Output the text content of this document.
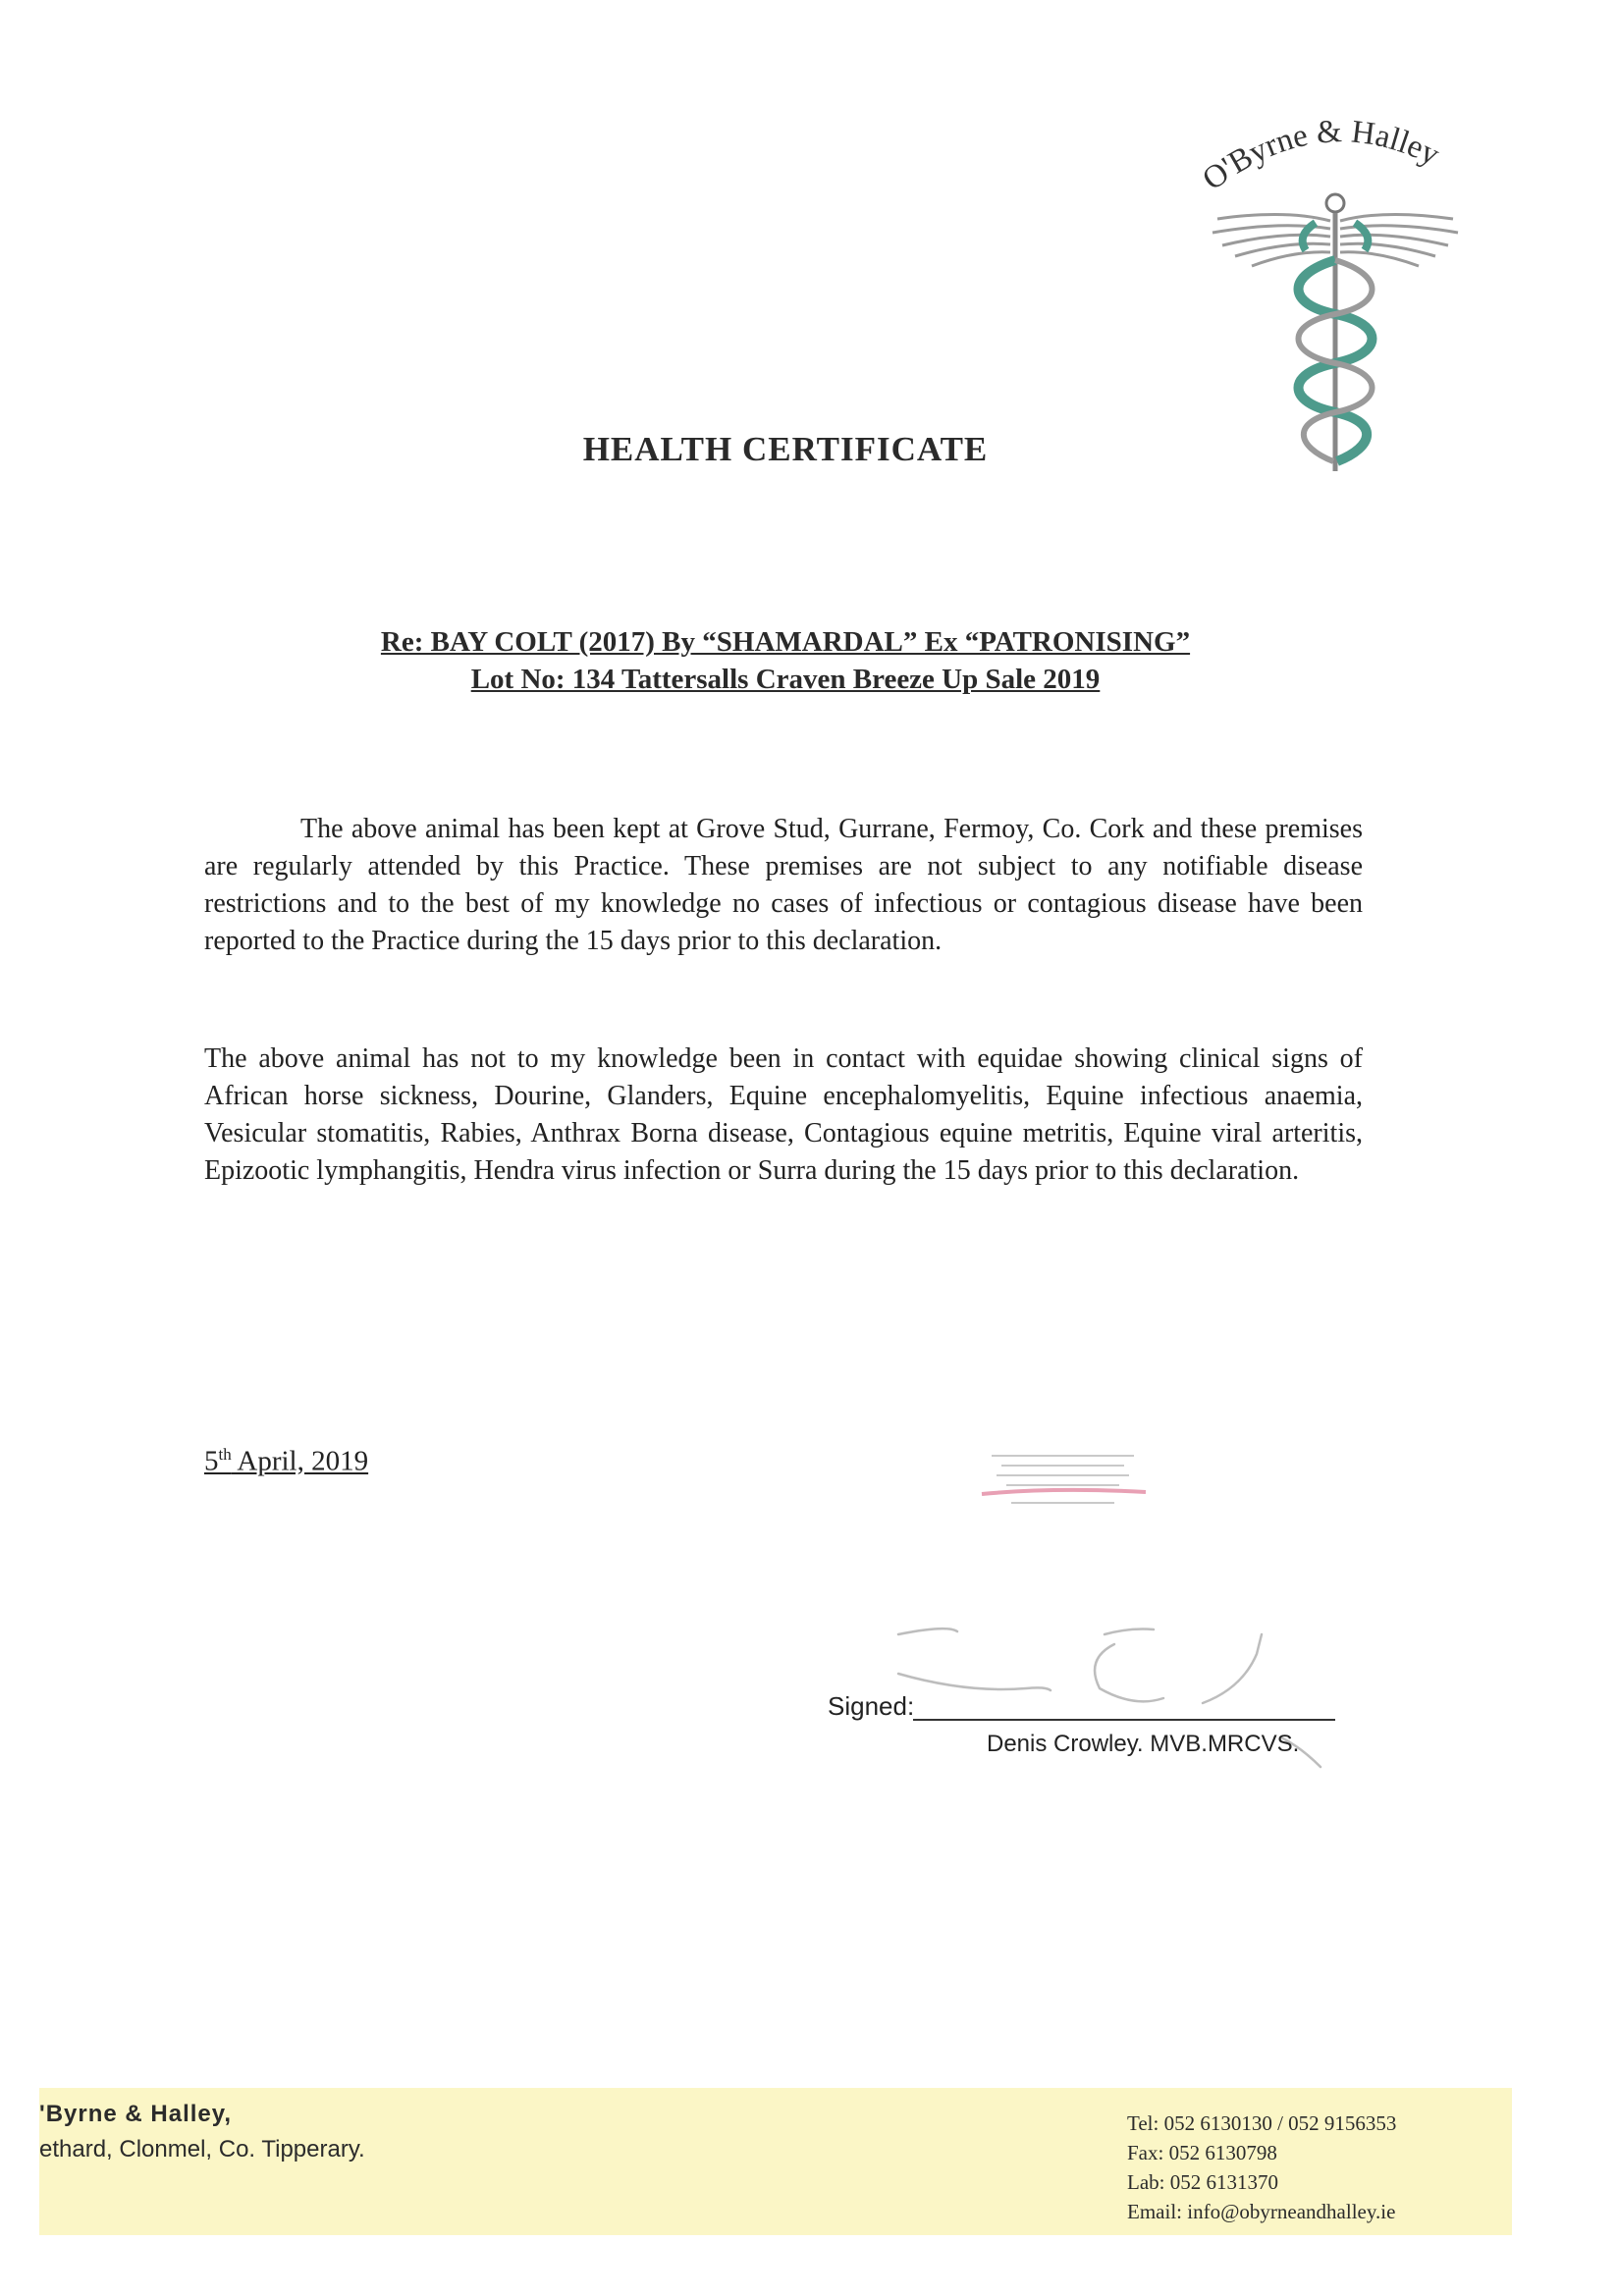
O'Byrne & Halley
HEALTH CERTIFICATE
Re: BAY COLT (2017) By “SHAMARDAL” Ex “PATRONISING”
Lot No: 134 Tattersalls Craven Breeze Up Sale 2019
The above animal has been kept at Grove Stud, Gurrane, Fermoy, Co. Cork and these premises are regularly attended by this Practice. These premises are not subject to any notifiable disease restrictions and to the best of my knowledge no cases of infectious or contagious disease have been reported to the Practice during the 15 days prior to this declaration.
The above animal has not to my knowledge been in contact with equidae showing clinical signs of African horse sickness, Dourine, Glanders, Equine encephalomyelitis, Equine infectious anaemia, Vesicular stomatitis, Rabies, Anthrax Borna disease, Contagious equine metritis, Equine viral arteritis, Epizootic lymphangitis, Hendra virus infection or Surra during the 15 days prior to this declaration.
5th April, 2019
Signed:
Denis Crowley. MVB.MRCVS.
'Byrne & Halley,
ethard, Clonmel, Co. Tipperary.
Tel: 052 6130130 / 052 9156353
Fax: 052 6130798
Lab: 052 6131370
Email: info@obyrneandhalley.ie
